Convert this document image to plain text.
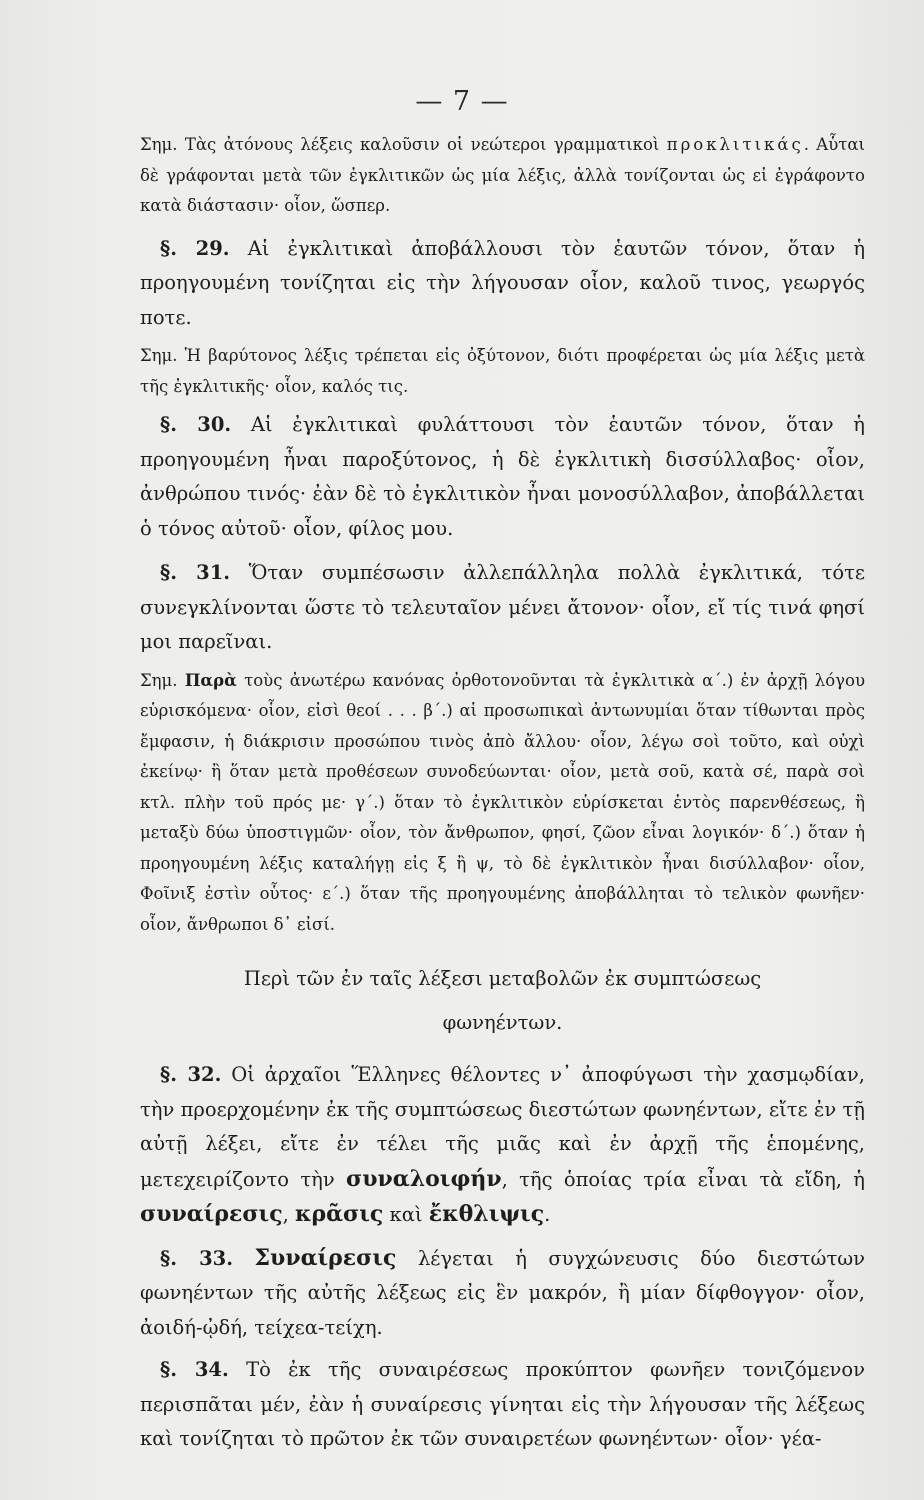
— 7 —

Σημ. Τὰς ἀτόνους λέξεις καλοῦσιν οἱ νεώτεροι γραμματικοὶ προκλιτικάς. Αὗται δὲ γράφονται μετὰ τῶν ἐγκλιτικῶν ὡς μία λέξις, ἀλλὰ τονίζονται ὡς εἰ ἐγράφοντο κατὰ διάστασιν· οἷον, ὥσπερ.

§. 29. Αἱ ἐγκλιτικαὶ ἀποβάλλουσι τὸν ἑαυτῶν τόνον, ὅταν ἡ προηγουμένη τονίζηται εἰς τὴν λήγουσαν οἷον, καλοῦ τινος, γεωργός ποτε.

Σημ. Ἡ βαρύτονος λέξις τρέπεται εἰς ὀξύτονον, διότι προφέρεται ὡς μία λέξις μετὰ τῆς ἐγκλιτικῆς· οἷον, καλός τις.

§. 30. Αἱ ἐγκλιτικαὶ φυλάττουσι τὸν ἑαυτῶν τόνον, ὅταν ἡ προηγουμένη ἦναι παροξύτονος, ἡ δὲ ἐγκλιτικὴ δισσύλλαβος· οἷον, ἀνθρώπου τινός· ἐὰν δὲ τὸ ἐγκλιτικὸν ἦναι μονοσύλλαβον, ἀποβάλλεται ὁ τόνος αὐτοῦ· οἷον, φίλος μου.

§. 31. Ὅταν συμπέσωσιν ἀλλεπάλληλα πολλὰ ἐγκλιτικά, τότε συνεγκλίνονται ὥστε τὸ τελευταῖον μένει ἄτονον· οἷον, εἴ τίς τινά φησί μοι παρεῖναι.

Σημ. Παρὰ τοὺς ἀνωτέρω κανόνας ὀρθοτονοῦνται τὰ ἐγκλιτικὰ α΄.) ἐν ἀρχῇ λόγου εὑρισκόμενα· οἷον, εἰσὶ θεοί . . . β΄.) αἱ προσωπικαὶ ἀντωνυμίαι ὅταν τίθωνται πρὸς ἔμφασιν, ἡ διάκρισιν προσώπου τινὸς ἀπὸ ἄλλου· οἷον, λέγω σοὶ τοῦτο, καὶ οὐχὶ ἐκείνῳ· ἢ ὅταν μετὰ προθέσεων συνοδεύωνται· οἷον, μετὰ σοῦ, κατὰ σέ, παρὰ σοὶ κτλ. πλὴν τοῦ πρός με· γ΄.) ὅταν τὸ ἐγκλιτικὸν εὑρίσκεται ἐντὸς παρενθέσεως, ἢ μεταξὺ δύω ὑποστιγμῶν· οἷον, τὸν ἄνθρωπον, φησί, ζῶον εἶναι λογικόν· δ΄.) ὅταν ἡ προηγουμένη λέξις καταλήγῃ εἰς ξ ἢ ψ, τὸ δὲ ἐγκλιτικὸν ἦναι δισύλλαβον· οἷον, Φοῖνιξ ἐστὶν οὗτος· ε΄.) ὅταν τῆς προηγουμένης ἀποβάλληται τὸ τελικὸν φωνῆεν· οἷον, ἄνθρωποι δ᾿ εἰσί.

Περὶ τῶν ἐν ταῖς λέξεσι μεταβολῶν ἐκ συμπτώσεως
φωνηέντων.

§. 32. Οἱ ἀρχαῖοι Ἕλληνες θέλοντες ν᾿ ἀποφύγωσι τὴν χασμῳδίαν, τὴν προερχομένην ἐκ τῆς συμπτώσεως διεστώτων φωνηέντων, εἴτε ἐν τῇ αὐτῇ λέξει, εἴτε ἐν τέλει τῆς μιᾶς καὶ ἐν ἀρχῇ τῆς ἑπομένης, μετεχειρίζοντο τὴν συναλοιφήν, τῆς ὁποίας τρία εἶναι τὰ εἴδη, ἡ συναίρεσις, κρᾶσις καὶ ἔκθλιψις.

§. 33. Συναίρεσις λέγεται ἡ συγχώνευσις δύο διεστώτων φωνηέντων τῆς αὐτῆς λέξεως εἰς ἓν μακρόν, ἢ μίαν δίφθογγον· οἷον, ἀοιδή-ᾠδή, τείχεα-τείχη.

§. 34. Τὸ ἐκ τῆς συναιρέσεως προκύπτον φωνῆεν τονιζόμενον περισπᾶται μέν, ἐὰν ἡ συναίρεσις γίνηται εἰς τὴν λήγουσαν τῆς λέξεως καὶ τονίζηται τὸ πρῶτον ἐκ τῶν συναιρετέων φωνηέντων· οἷον· γέα-
